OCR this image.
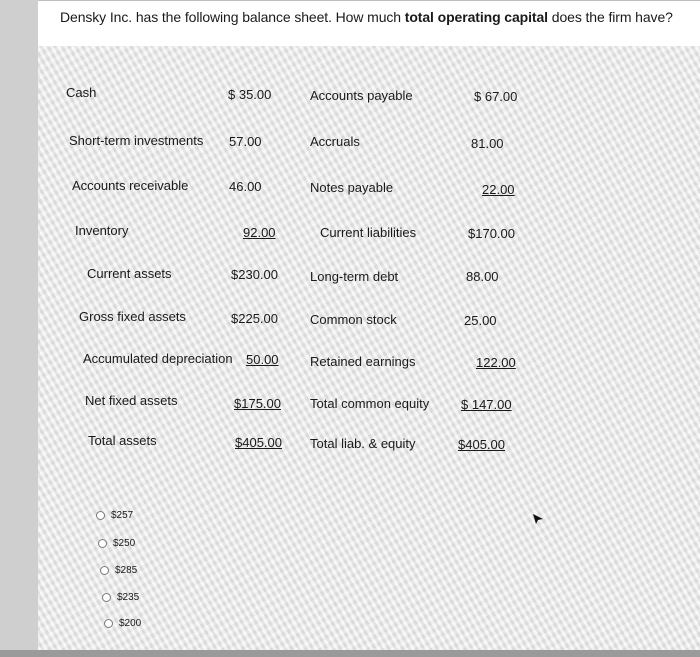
Densky Inc. has the following balance sheet. How much total operating capital does the firm have?
Cash
Short-term investments
Accounts receivable
Inventory
Current assets
Gross fixed assets
Accumulated depreciation
Net fixed assets
Total assets
$ 35.00
57.00
46.00
92.00
$230.00
$225.00
50.00
$175.00
$405.00
Accounts payable
Accruals
Notes payable
Current liabilities
Long-term debt
Common stock
Retained earnings
Total common equity
Total liab. & equity
$ 67.00
81.00
22.00
$170.00
88.00
25.00
122.00
$ 147.00
$405.00
$257
$250
$285
$235
$200
